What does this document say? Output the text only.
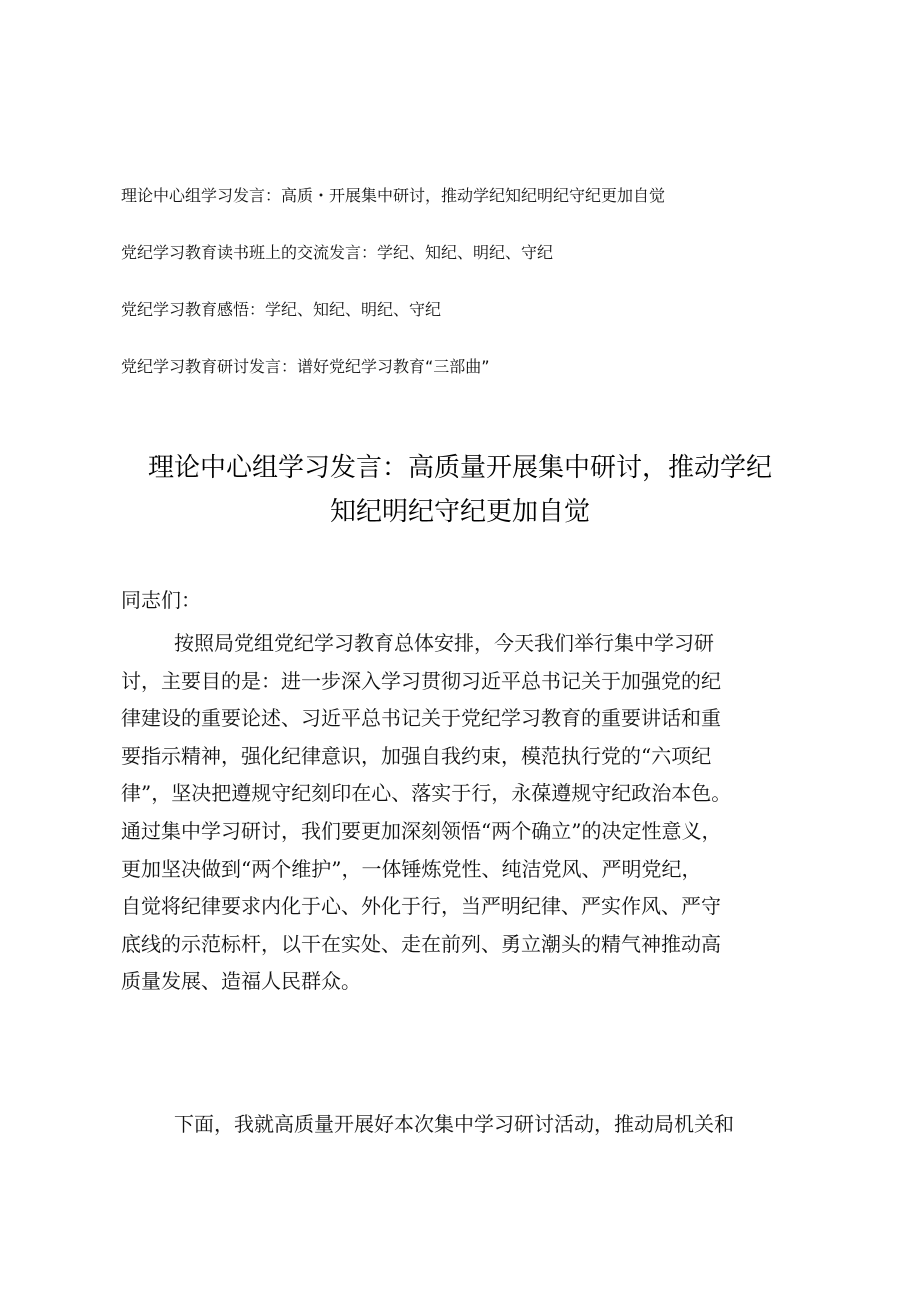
理论中心组学习发言：高质・开展集中研讨，推动学纪知纪明纪守纪更加自觉
党纪学习教育读书班上的交流发言：学纪、知纪、明纪、守纪
党纪学习教育感悟：学纪、知纪、明纪、守纪
党纪学习教育研讨发言：谱好党纪学习教育“三部曲”
理论中心组学习发言：高质量开展集中研讨，推动学纪
知纪明纪守纪更加自觉
同志们：
按照局党组党纪学习教育总体安排，今天我们举行集中学习研
讨，主要目的是：进一步深入学习贯彻习近平总书记关于加强党的纪
律建设的重要论述、习近平总书记关于党纪学习教育的重要讲话和重
要指示精神，强化纪律意识，加强自我约束，模范执行党的“六项纪
律”，坚决把遵规守纪刻印在心、落实于行，永葆遵规守纪政治本色。
通过集中学习研讨，我们要更加深刻领悟“两个确立”的决定性意义，
更加坚决做到“两个维护”，一体锤炼党性、纯洁党风、严明党纪，
自觉将纪律要求内化于心、外化于行，当严明纪律、严实作风、严守
底线的示范标杆，以干在实处、走在前列、勇立潮头的精气神推动高
质量发展、造福人民群众。
下面，我就高质量开展好本次集中学习研讨活动，推动局机关和
